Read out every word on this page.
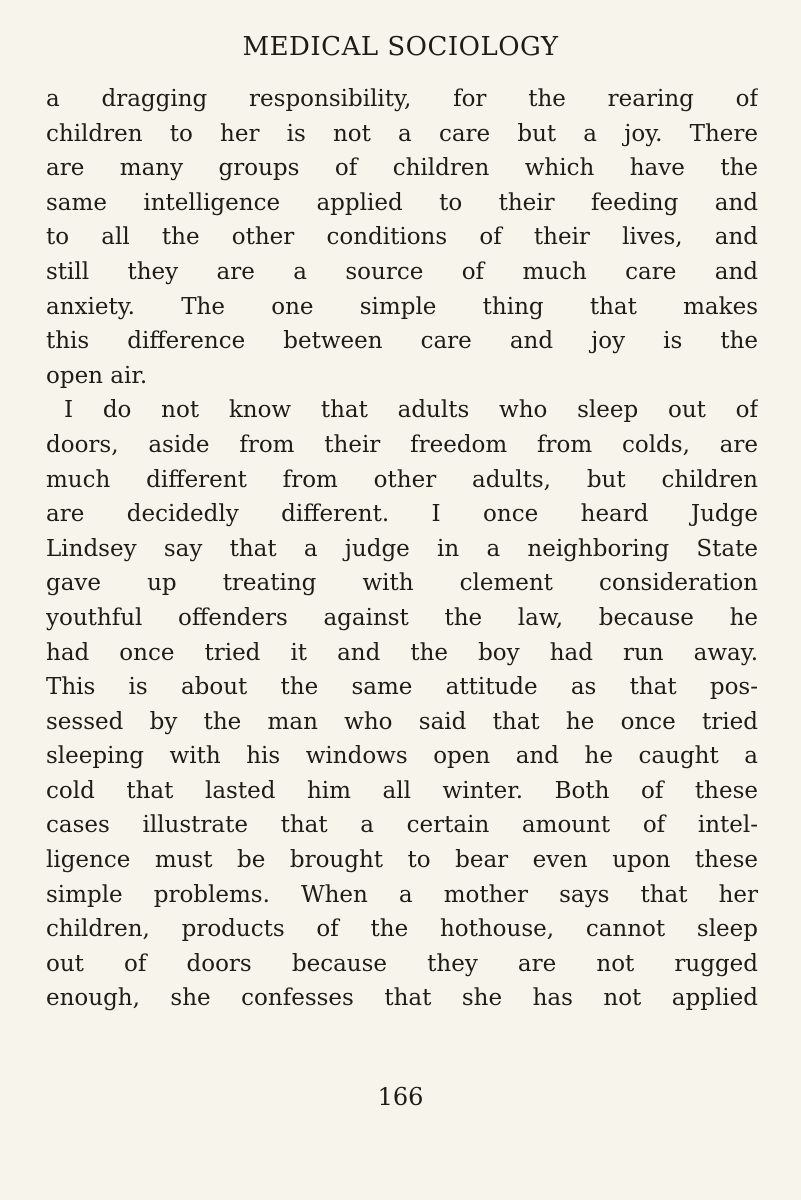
MEDICAL SOCIOLOGY
a dragging responsibility, for the rearing of
children to her is not a care but a joy. There
are many groups of children which have the
same intelligence applied to their feeding and
to all the other conditions of their lives, and
still they are a source of much care and
anxiety. The one simple thing that makes
this difference between care and joy is the
open air.
I do not know that adults who sleep out of
doors, aside from their freedom from colds, are
much different from other adults, but children
are decidedly different. I once heard Judge
Lindsey say that a judge in a neighboring State
gave up treating with clement consideration
youthful offenders against the law, because he
had once tried it and the boy had run away.
This is about the same attitude as that pos-
sessed by the man who said that he once tried
sleeping with his windows open and he caught a
cold that lasted him all winter. Both of these
cases illustrate that a certain amount of intel-
ligence must be brought to bear even upon these
simple problems. When a mother says that her
children, products of the hothouse, cannot sleep
out of doors because they are not rugged
enough, she confesses that she has not applied
166
